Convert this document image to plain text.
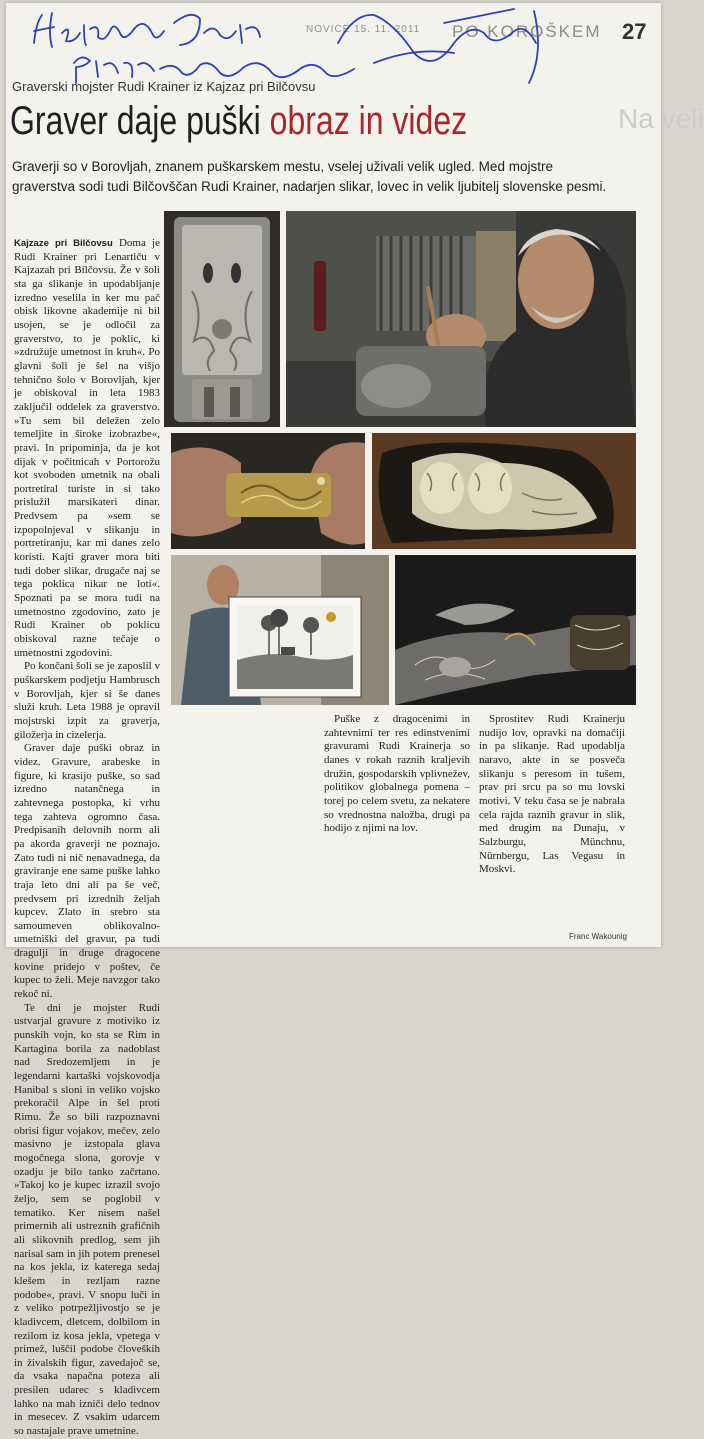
NOVICE 15. 11. 2011 PO KOROŠKEM 27
Na veli
Graverski mojster Rudi Krainer iz Kajzaz pri Bilčovsu
Graver daje puški obraz in videz
Graverji so v Borovljah, znanem puškarskem mestu, vselej uživali velik ugled. Med mojstre graverstva sodi tudi Bilčovščan Rudi Krainer, nadarjen slikar, lovec in velik ljubitelj slovenske pesmi.

Kajzaze pri Bilčovsu Doma je Rudi Krainer pri Lenartiču v Kajzazah pri Bilčovsu. Že v šoli sta ga slikanje in upodabljanje izredno veselila in ker mu pač obisk likovne akademije ni bil usojen, se je odločil za graverstvo, to je poklic, ki »združuje umetnost in kruh«. Po glavni šoli je šel na višjo tehnično šolo v Borovljah, kjer je obiskoval in leta 1983 zaključil oddelek za graverstvo. »Tu sem bil deležen zelo temeljite in široke izobrazbe«, pravi. In pripominja, da je kot dijak v počitnicah v Portorožu kot svoboden umetnik na obali portretiral turiste in si tako prislužil marsikateri dinar. Predvsem pa »sem se izpopolnjeval v slikanju in portretiranju, kar mi danes zelo koristi. Kajti graver mora biti tudi dober slikar, drugače naj se tega poklica nikar ne loti«. Spoznati pa se mora tudi na umetnostno zgodovino, zato je Rudi Krainer ob poklicu obiskoval razne tečaje o umetnostni zgodovini.

Po končani šoli se je zaposlil v puškarskem podjetju Hambrusch v Borovljah, kjer si še danes služi kruh. Leta 1988 je opravil mojstrski izpit za graverja, giložerja in cizelerja.

Graver daje puški obraz in videz. Gravure, arabeske in figure, ki krasijo puške, so sad izredno natančnega in zahtevnega postopka, ki vrhu tega zahteva ogromno časa. Predpisanih delovnih norm ali pa akorda graverji ne poznajo. Zato tudi ni nič nenavadnega, da graviranje ene same puške lahko traja leto dni ali pa še več, predvsem pri izrednih željah kupcev. Zlato in srebro sta samoumeven oblikovalno-umetniški del gravur, pa tudi dragulji in druge dragocene kovine pridejo v poštev, če kupec to želi. Meje navzgor tako rekoč ni.

Te dni je mojster Rudi ustvarjal gravure z motiviko iz punskih vojn, ko sta se Rim in Kartagina borila za nadoblast nad Sredozemljem in je legendarni kartaški vojskovodja Hanibal s sloni in veliko vojsko prekoračil Alpe in šel proti Rimu. Že so bili razpoznavni obrisi figur vojakov, mečev, zelo masivno je izstopala glava mogočnega slona, gorovje v ozadju je bilo tanko začrtano. »Takoj ko je kupec izrazil svojo željo, sem se poglobil v tematiko. Ker nisem našel primernih ali ustreznih grafičnih ali slikovnih predlog, sem jih narisal sam in jih potem prenesel na kos jekla, iz katerega sedaj klešem in rezljam razne podobe«, pravi. V snopu luči in z veliko potrpežljivostjo se je kladivcem, dletcem, dolbilom in rezilom iz kosa jekla, vpetega v primež, luščil podobe človeških in živalskih figur, zavedajoč se, da vsaka napačna poteza ali presilen udarec s kladivcem lahko na mah izniči delo tednov in mesecev. Z vsakim udarcem so nastajale prave umetnine.

Puške z dragocenimi in zahtevnimi ter res edinstvenimi gravurami Rudi Krainerja so danes v rokah raznih kraljevih družin, gospodarskih vplivnežev, politikov globalnega pomena – torej po celem svetu, za nekatere so vrednostna naložba, drugi pa hodijo z njimi na lov.

Sprostitev Rudi Krainerju nudijo lov, opravki na domačiji in pa slikanje. Rad upodablja naravo, akte in se posveča slikanju s peresom in tušem, prav pri srcu pa so mu lovski motivi. V teku časa se je nabrala cela rajda raznih gravur in slik, med drugim na Dunaju, v Salzburgu, Münchnu, Nürnbergu, Las Vegasu in Moskvi.

Franc Wakounig
